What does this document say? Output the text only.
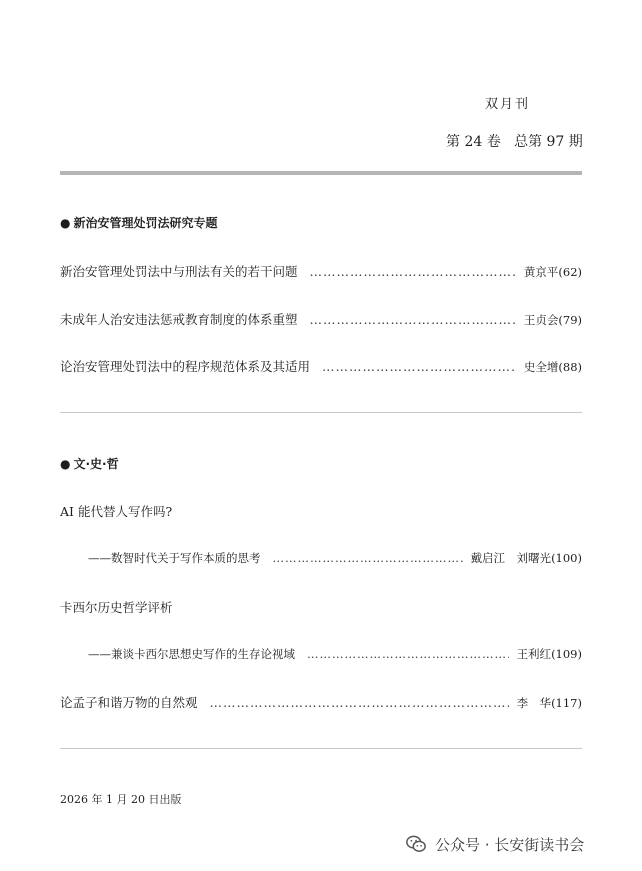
双月刊
第 24 卷 总第 97 期
● 新治安管理处罚法研究专题
新治安管理处罚法中与刑法有关的若干问题 ……………………………………………………………………………………………………………………………………………………	黄京平 (62)
未成年人治安违法惩戒教育制度的体系重塑 ……………………………………………………………………………………………………………………………………………………	王贞会 (79)
论治安管理处罚法中的程序规范体系及其适用 ……………………………………………………………………………………………………………………………………………………	史全增 (88)
● 文·史·哲
AI 能代替人写作吗?
——数智时代关于写作本质的思考 ……………………………………………………………………………………………………………………………………………………	戴启江　刘曙光 (100)
卡西尔历史哲学评析
——兼谈卡西尔思想史写作的生存论视域 ……………………………………………………………………………………………………………………………………………………	王利红 (109)
论孟子和谐万物的自然观 ……………………………………………………………………………………………………………………………………………………	李　华 (117)
2026 年 1 月 20 日出版
公众号 · 长安街读书会
